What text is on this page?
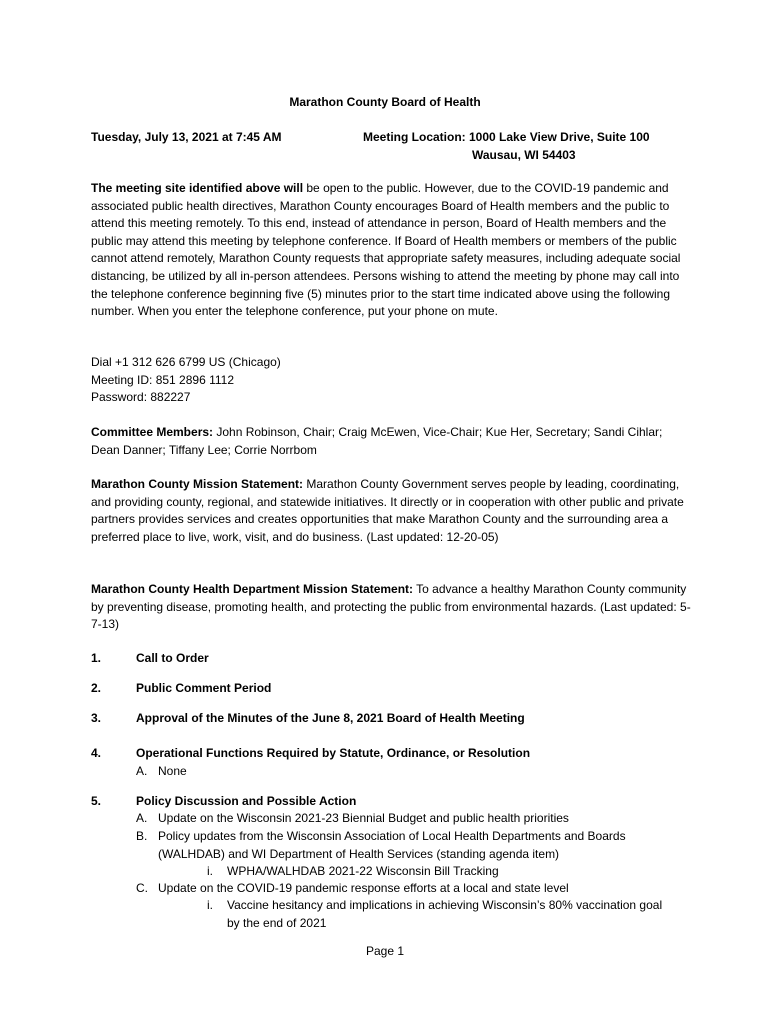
Marathon County Board of Health
Tuesday, July 13, 2021 at 7:45 AM	Meeting Location: 1000 Lake View Drive, Suite 100
Wausau, WI 54403
The meeting site identified above will be open to the public. However, due to the COVID-19 pandemic and associated public health directives, Marathon County encourages Board of Health members and the public to attend this meeting remotely. To this end, instead of attendance in person, Board of Health members and the public may attend this meeting by telephone conference. If Board of Health members or members of the public cannot attend remotely, Marathon County requests that appropriate safety measures, including adequate social distancing, be utilized by all in-person attendees. Persons wishing to attend the meeting by phone may call into the telephone conference beginning five (5) minutes prior to the start time indicated above using the following number. When you enter the telephone conference, put your phone on mute.
Dial +1 312 626 6799 US (Chicago)
Meeting ID: 851 2896 1112
Password: 882227
Committee Members: John Robinson, Chair; Craig McEwen, Vice-Chair; Kue Her, Secretary; Sandi Cihlar; Dean Danner; Tiffany Lee; Corrie Norrbom
Marathon County Mission Statement: Marathon County Government serves people by leading, coordinating, and providing county, regional, and statewide initiatives. It directly or in cooperation with other public and private partners provides services and creates opportunities that make Marathon County and the surrounding area a preferred place to live, work, visit, and do business. (Last updated: 12-20-05)
Marathon County Health Department Mission Statement: To advance a healthy Marathon County community by preventing disease, promoting health, and protecting the public from environmental hazards. (Last updated: 5-7-13)
1.	Call to Order
2.	Public Comment Period
3.	Approval of the Minutes of the June 8, 2021 Board of Health Meeting
4.	Operational Functions Required by Statute, Ordinance, or Resolution
A. None
5.	Policy Discussion and Possible Action
A. Update on the Wisconsin 2021-23 Biennial Budget and public health priorities
B. Policy updates from the Wisconsin Association of Local Health Departments and Boards (WALHDAB) and WI Department of Health Services (standing agenda item)
i. WPHA/WALHDAB 2021-22 Wisconsin Bill Tracking
C. Update on the COVID-19 pandemic response efforts at a local and state level
i. Vaccine hesitancy and implications in achieving Wisconsin’s 80% vaccination goal by the end of 2021
Page 1
